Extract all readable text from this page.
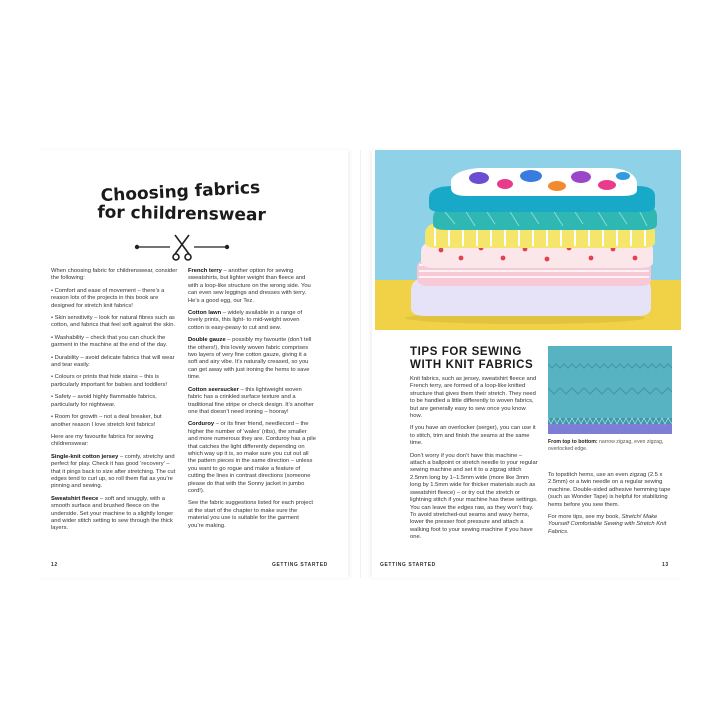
Choosing fabrics
for childrenswear

When choosing fabric for childrenswear, consider the following:

• Comfort and ease of movement – there’s a reason lots of the projects in this book are designed for stretch knit fabrics!

• Skin sensitivity – look for natural fibres such as cotton, and fabrics that feel soft against the skin.

• Washability – check that you can chuck the garment in the machine at the end of the day.

• Durability – avoid delicate fabrics that will wear and tear easily.

• Colours or prints that hide stains – this is particularly important for babies and toddlers!

• Safety – avoid highly flammable fabrics, particularly for nightwear.

• Room for growth – not a deal breaker, but another reason I love stretch knit fabrics!

Here are my favourite fabrics for sewing childrenswear:

Single-knit cotton jersey – comfy, stretchy and perfect for play. Check it has good ‘recovery’ – that it pings back to size after stretching. The cut edges tend to curl up, so roll them flat as you’re pinning and sewing.

Sweatshirt fleece – soft and snuggly, with a smooth surface and brushed fleece on the underside. Set your machine to a slightly longer and wider stitch setting to sew through the thick layers.

French terry – another option for sewing sweatshirts, but lighter weight than fleece and with a loop-like structure on the wrong side. You can even sew leggings and dresses with terry. He’s a good egg, our Tez.

Cotton lawn – widely available in a range of lovely prints, this light- to mid-weight woven cotton is easy-peasy to cut and sew.

Double gauze – possibly my favourite (don’t tell the others!), this lovely woven fabric comprises two layers of very fine cotton gauze, giving it a soft and airy vibe. It’s naturally creased, so you can get away with just ironing the hems to save time.

Cotton seersucker – this lightweight woven fabric has a crinkled surface texture and a traditional fine stripe or check design. It’s another one that doesn’t need ironing – hooray!

Corduroy – or its finer friend, needlecord – the higher the number of ‘wales’ (ribs), the smaller and more numerous they are. Corduroy has a pile that catches the light differently depending on which way up it is, so make sure you cut out all the pattern pieces in the same direction – unless you want to go rogue and make a feature of cutting the lines in contrast directions (someone please do that with the Sonny jacket in jumbo cord!).

See the fabric suggestions listed for each project at the start of the chapter to make sure the material you use is suitable for the garment you’re making.

12	GETTING STARTED
TIPS FOR SEWING
WITH KNIT FABRICS

Knit fabrics, such as jersey, sweatshirt fleece and French terry, are formed of a loop-like knitted structure that gives them their stretch. They need to be handled a little differently to woven fabrics, but are generally easy to sew once you know how.

If you have an overlocker (serger), you can use it to stitch, trim and finish the seams at the same time.

Don’t worry if you don’t have this machine – attach a ballpoint or stretch needle to your regular sewing machine and set it to a zigzag stitch 2.5mm long by 1–1.5mm wide (more like 3mm long by 1.5mm wide for thicker materials such as sweatshirt fleece) – or try out the stretch or lightning stitch if your machine has these settings. You can leave the edges raw, as they won’t fray. To avoid stretched-out seams and wavy hems, lower the presser foot pressure and attach a walking foot to your sewing machine if you have one.

From top to bottom: narrow zigzag, even zigzag, overlocked edge.

To topstitch hems, use an even zigzag (2.5 x 2.5mm) or a twin needle on a regular sewing machine. Double-sided adhesive hemming tape (such as Wonder Tape) is helpful for stabilizing hems before you sew them.

For more tips, see my book, Stretch! Make Yourself Comfortable Sewing with Stretch Knit Fabrics.

GETTING STARTED	13
